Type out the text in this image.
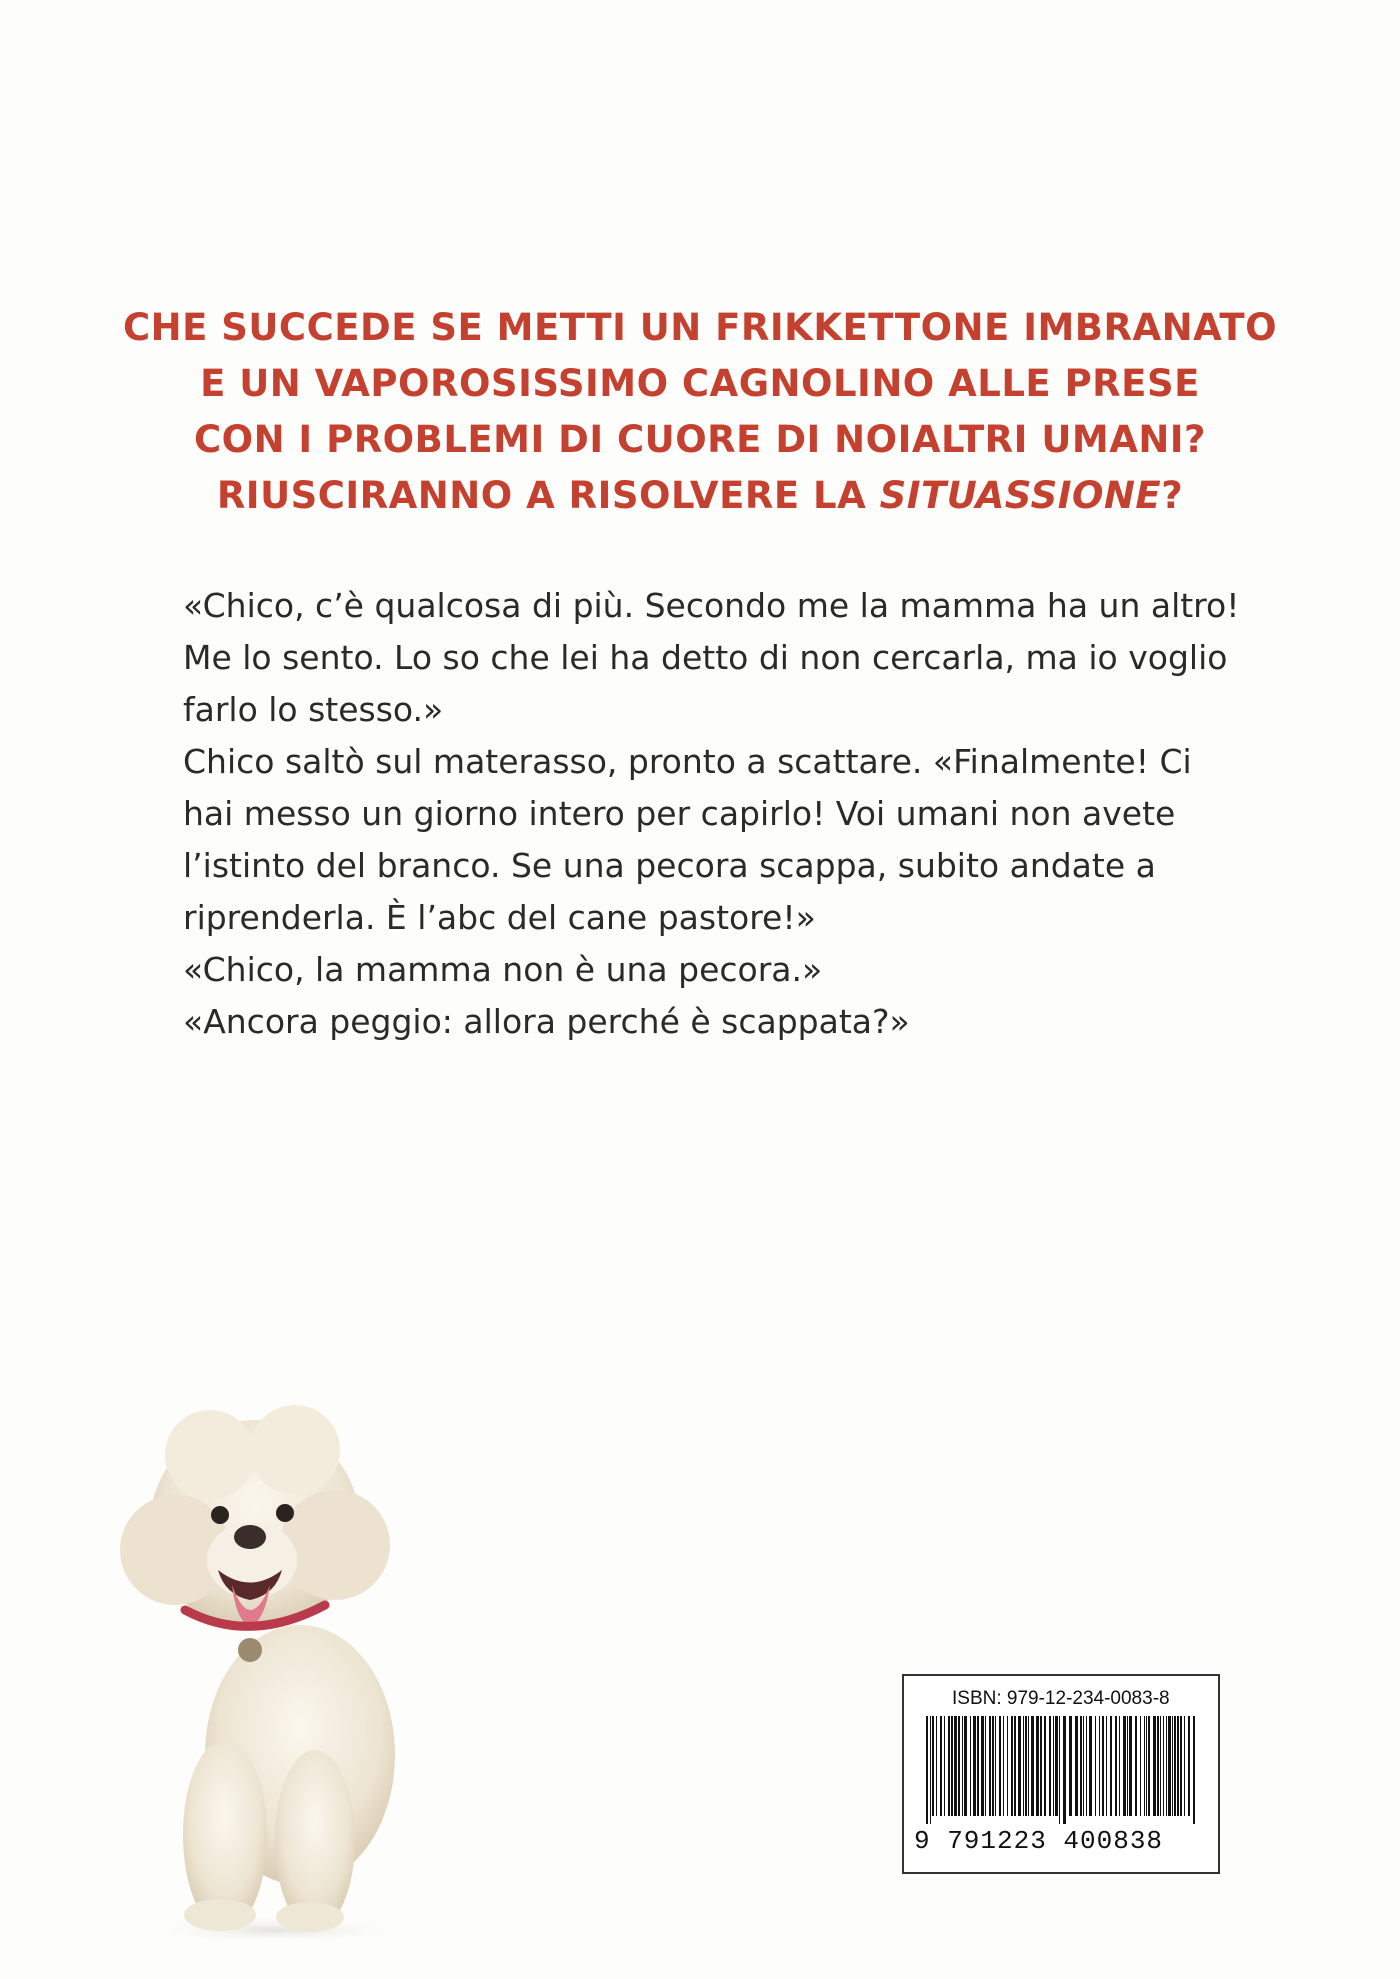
CHE SUCCEDE SE METTI UN FRIKKETTONE IMBRANATO
E UN VAPOROSISSIMO CAGNOLINO ALLE PRESE
CON I PROBLEMI DI CUORE DI NOIALTRI UMANI?
RIUSCIRANNO A RISOLVERE LA SITUASSIONE?

«Chico, c’è qualcosa di più. Secondo me la mamma ha un altro! Me lo sento. Lo so che lei ha detto di non cercarla, ma io voglio farlo lo stesso.»

Chico saltò sul materasso, pronto a scattare. «Finalmente! Ci hai messo un giorno intero per capirlo! Voi umani non avete l’istinto del branco. Se una pecora scappa, subito andate a riprenderla. È l’abc del cane pastore!»

«Chico, la mamma non è una pecora.»

«Ancora peggio: allora perché è scappata?»

ISBN: 979-12-234-0083-8
9 791223 400838
